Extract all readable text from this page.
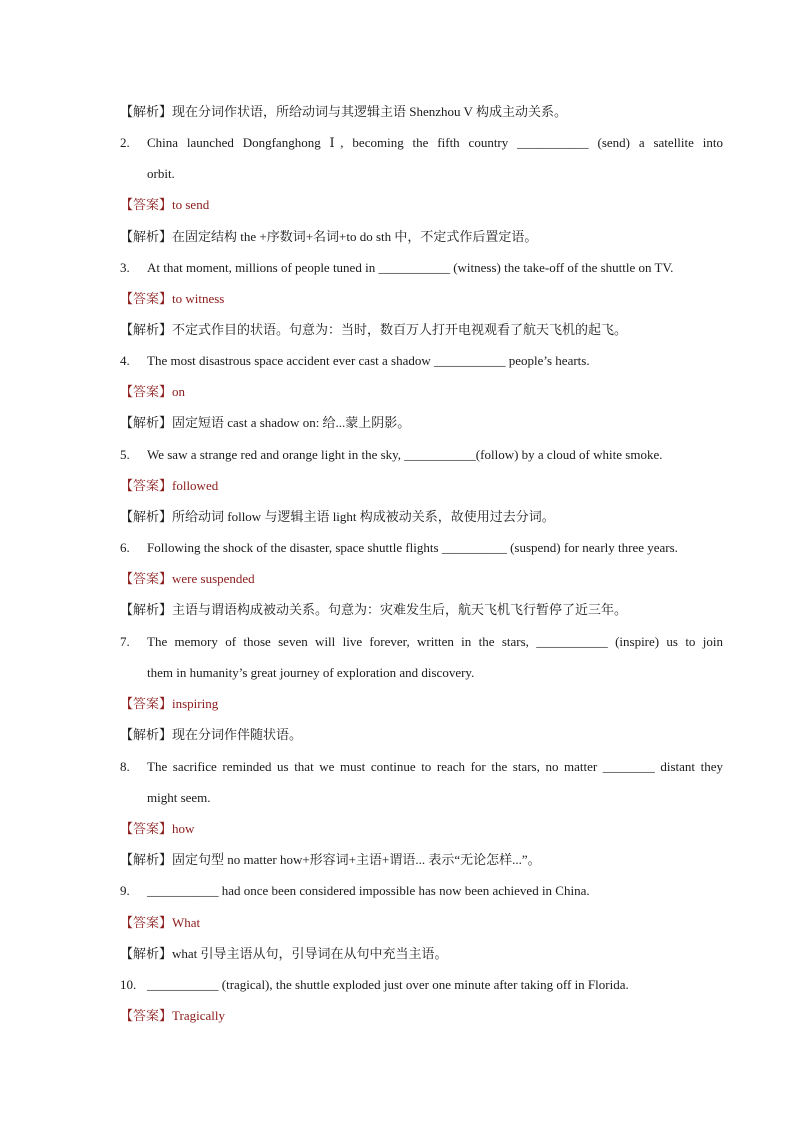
【解析】现在分词作状语，所给动词与其逻辑主语 Shenzhou V 构成主动关系。
2. China launched Dongfanghong Ⅰ, becoming the fifth country ___________ (send) a satellite into
orbit.
【答案】to send
【解析】在固定结构 the +序数词+名词+to do sth 中，不定式作后置定语。
3. At that moment, millions of people tuned in ___________ (witness) the take-off of the shuttle on TV.
【答案】to witness
【解析】不定式作目的状语。句意为：当时，数百万人打开电视观看了航天飞机的起飞。
4. The most disastrous space accident ever cast a shadow ___________ people’s hearts.
【答案】on
【解析】固定短语 cast a shadow on: 给...蒙上阴影。
5. We saw a strange red and orange light in the sky, ___________(follow) by a cloud of white smoke.
【答案】followed
【解析】所给动词 follow 与逻辑主语 light 构成被动关系，故使用过去分词。
6. Following the shock of the disaster, space shuttle flights __________ (suspend) for nearly three years.
【答案】were suspended
【解析】主语与谓语构成被动关系。句意为：灾难发生后，航天飞机飞行暂停了近三年。
7. The memory of those seven will live forever, written in the stars, ___________ (inspire) us to join
them in humanity’s great journey of exploration and discovery.
【答案】inspiring
【解析】现在分词作伴随状语。
8. The sacrifice reminded us that we must continue to reach for the stars, no matter ________ distant they
might seem.
【答案】how
【解析】固定句型 no matter how+形容词+主语+谓语... 表示“无论怎样...”。
9. ___________ had once been considered impossible has now been achieved in China.
【答案】What
【解析】what 引导主语从句，引导词在从句中充当主语。
10. ___________ (tragical), the shuttle exploded just over one minute after taking off in Florida.
【答案】Tragically
